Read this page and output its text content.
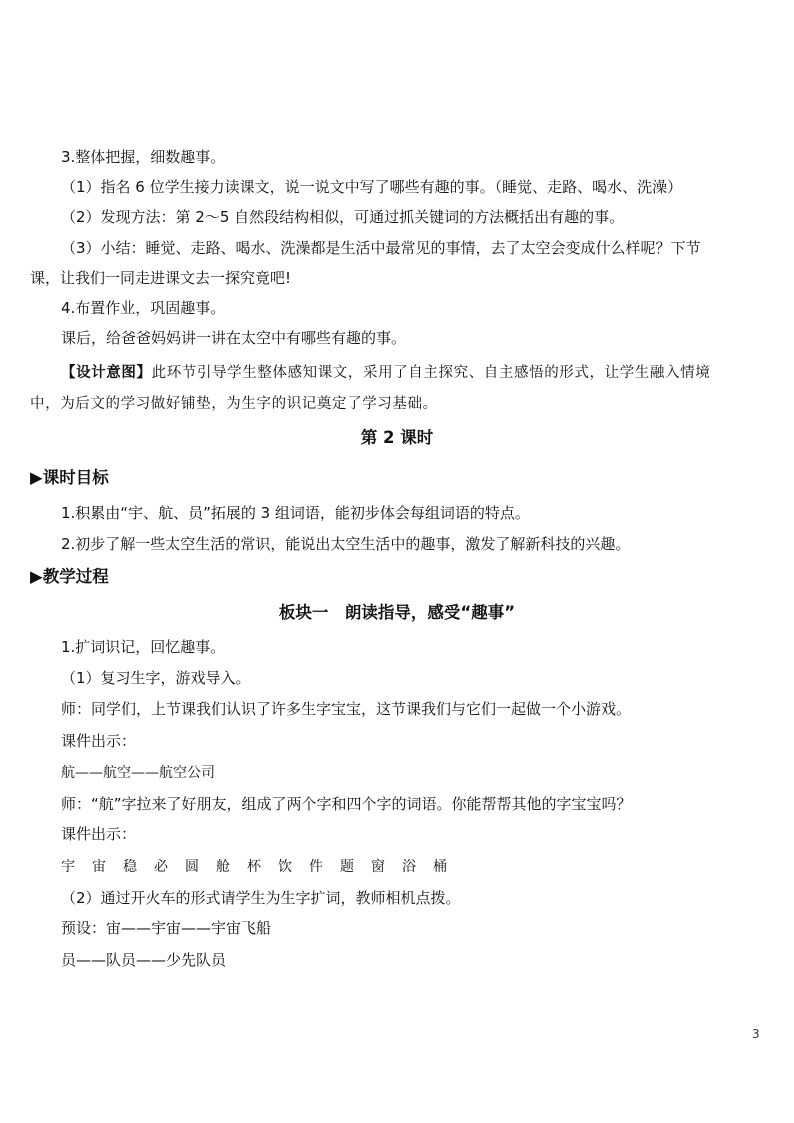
3.整体把握，细数趣事。
（1）指名 6 位学生接力读课文，说一说文中写了哪些有趣的事。（睡觉、走路、喝水、洗澡）
（2）发现方法：第 2～5 自然段结构相似，可通过抓关键词的方法概括出有趣的事。
（3）小结：睡觉、走路、喝水、洗澡都是生活中最常见的事情，去了太空会变成什么样呢？下节
课，让我们一同走进课文去一探究竟吧!
4.布置作业，巩固趣事。
课后，给爸爸妈妈讲一讲在太空中有哪些有趣的事。
【设计意图】此环节引导学生整体感知课文，采用了自主探究、自主感悟的形式，让学生融入情境
中，为后文的学习做好铺垫，为生字的识记奠定了学习基础。
第 2 课时
▶课时目标
1.积累由“宇、航、员”拓展的 3 组词语，能初步体会每组词语的特点。
2.初步了解一些太空生活的常识，能说出太空生活中的趣事，激发了解新科技的兴趣。
▶教学过程
板块一　朗读指导，感受“趣事”
1.扩词识记，回忆趣事。
（1）复习生字，游戏导入。
师：同学们，上节课我们认识了许多生字宝宝，这节课我们与它们一起做一个小游戏。
课件出示：
航——航空——航空公司
师：“航”字拉来了好朋友，组成了两个字和四个字的词语。你能帮帮其他的字宝宝吗？
课件出示：
宇宙稳必圆舱杯饮件题窗浴桶
（2）通过开火车的形式请学生为生字扩词，教师相机点拨。
预设：宙——宇宙——宇宙飞船
员——队员——少先队员
3
